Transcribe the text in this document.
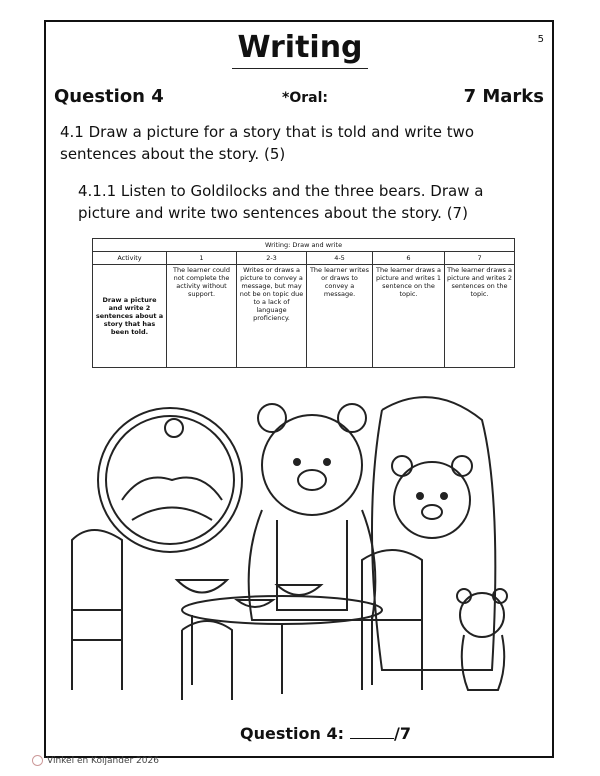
5
Writing
Question 4	*Oral:	7 Marks
4.1 Draw a picture for a story that is told and write two sentences about the story. (5)
4.1.1 Listen to Goldilocks and the three bears. Draw a picture and write two sentences about the story. (7)
Writing: Draw and write					
Activity	1	2-3	4-5	6	7
Draw a picture and write 2 sentences about a story that has been told.	The learner could not complete the activity without support.	Writes or draws a picture to convey a message, but may not be on topic due to a lack of language proficiency.	The learner writes or draws to convey a message.	The learner draws a picture and writes 1 sentence on the topic.	The learner draws a picture and writes 2 sentences on the topic.
Question 4:	/7
Vinkel en Koljander 2026
